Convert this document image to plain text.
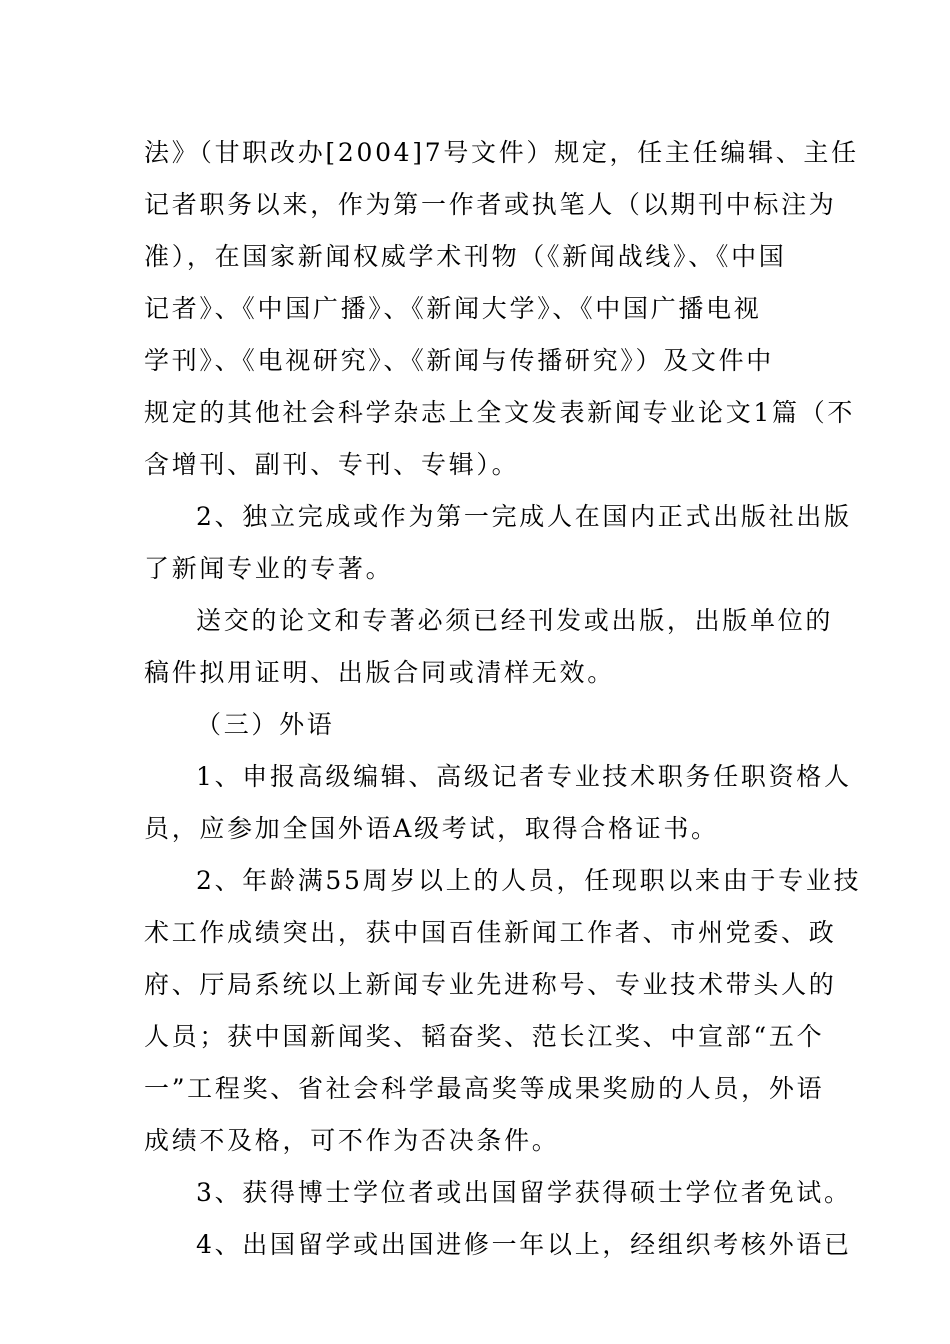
法》（甘职改办[2004]7号文件）规定，任主任编辑、主任
记者职务以来，作为第一作者或执笔人（以期刊中标注为
准），在国家新闻权威学术刊物（《新闻战线》、《中国
记者》、《中国广播》、《新闻大学》、《中国广播电视
学刊》、《电视研究》、《新闻与传播研究》）及文件中
规定的其他社会科学杂志上全文发表新闻专业论文1篇（不
含增刊、副刊、专刊、专辑）。
2、独立完成或作为第一完成人在国内正式出版社出版
了新闻专业的专著。
送交的论文和专著必须已经刊发或出版，出版单位的
稿件拟用证明、出版合同或清样无效。
（三）外语
1、申报高级编辑、高级记者专业技术职务任职资格人
员，应参加全国外语A级考试，取得合格证书。
2、年龄满55周岁以上的人员，任现职以来由于专业技
术工作成绩突出，获中国百佳新闻工作者、市州党委、政
府、厅局系统以上新闻专业先进称号、专业技术带头人的
人员；获中国新闻奖、韬奋奖、范长江奖、中宣部“五个
一”工程奖、省社会科学最高奖等成果奖励的人员，外语
成绩不及格，可不作为否决条件。
3、获得博士学位者或出国留学获得硕士学位者免试。
4、出国留学或出国进修一年以上，经组织考核外语已
